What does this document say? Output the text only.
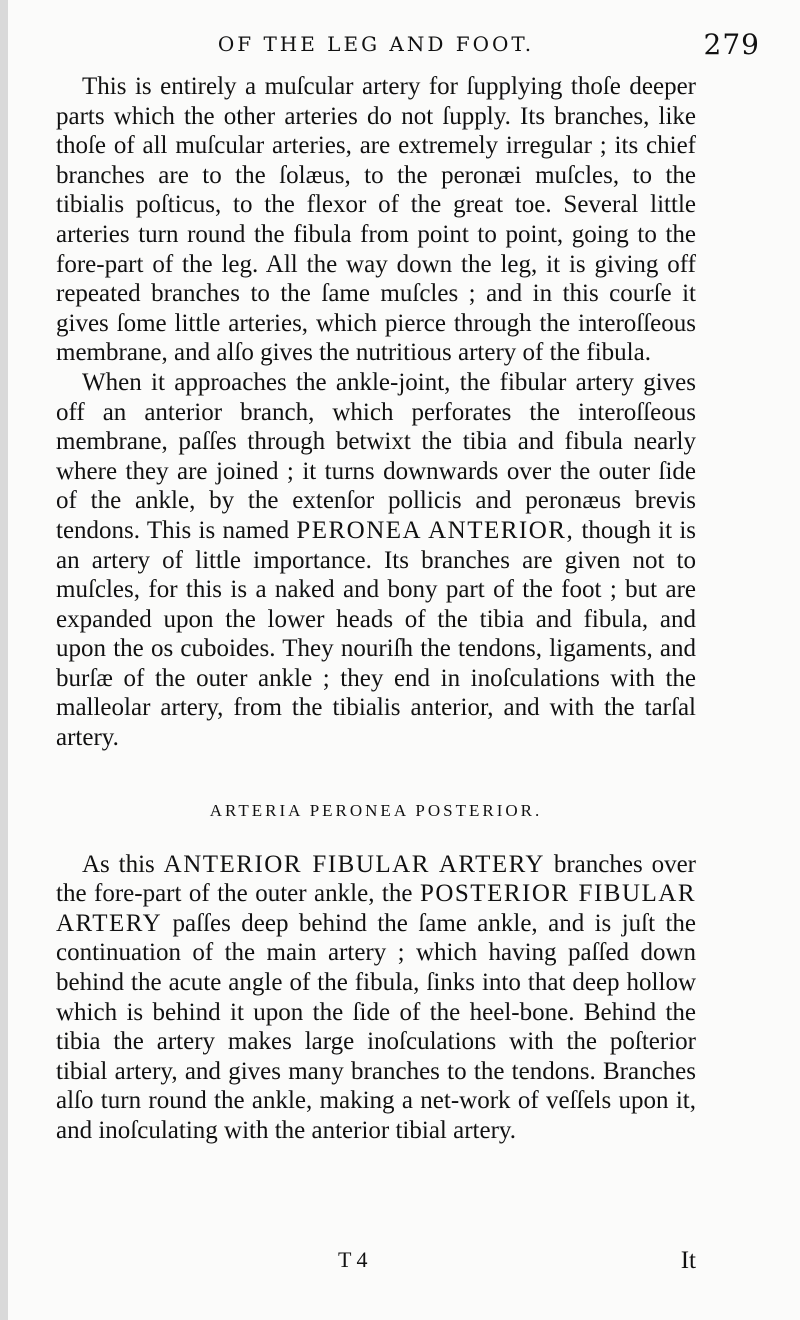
OF THE LEG AND FOOT.	279

This is entirely a muſcular artery for ſupplying thoſe deeper parts which the other arteries do not ſupply. Its branches, like thoſe of all muſcular arteries, are extremely irregular ; its chief branches are to the ſolæus, to the peronæi muſcles, to the tibialis poſticus, to the flexor of the great toe. Several little arteries turn round the fibula from point to point, going to the fore-part of the leg. All the way down the leg, it is giving off repeated branches to the ſame muſcles ; and in this courſe it gives ſome little arteries, which pierce through the interoſſeous membrane, and alſo gives the nutritious artery of the fibula.

When it approaches the ankle-joint, the fibular artery gives off an anterior branch, which perforates the interoſſeous membrane, paſſes through betwixt the tibia and fibula nearly where they are joined ; it turns downwards over the outer ſide of the ankle, by the extenſor pollicis and peronæus brevis tendons. This is named PERONEA ANTERIOR, though it is an artery of little importance. Its branches are given not to muſcles, for this is a naked and bony part of the foot ; but are expanded upon the lower heads of the tibia and fibula, and upon the os cuboides. They nouriſh the tendons, ligaments, and burſæ of the outer ankle ; they end in inoſculations with the malleolar artery, from the tibialis anterior, and with the tarſal artery.

ARTERIA PERONEA POSTERIOR.

As this ANTERIOR FIBULAR ARTERY branches over the fore-part of the outer ankle, the POSTERIOR FIBULAR ARTERY paſſes deep behind the ſame ankle, and is juſt the continuation of the main artery ; which having paſſed down behind the acute angle of the fibula, ſinks into that deep hollow which is behind it upon the ſide of the heel-bone. Behind the tibia the artery makes large inoſculations with the poſterior tibial artery, and gives many branches to the tendons. Branches alſo turn round the ankle, making a net-work of veſſels upon it, and inoſculating with the anterior tibial artery.

T 4	It
